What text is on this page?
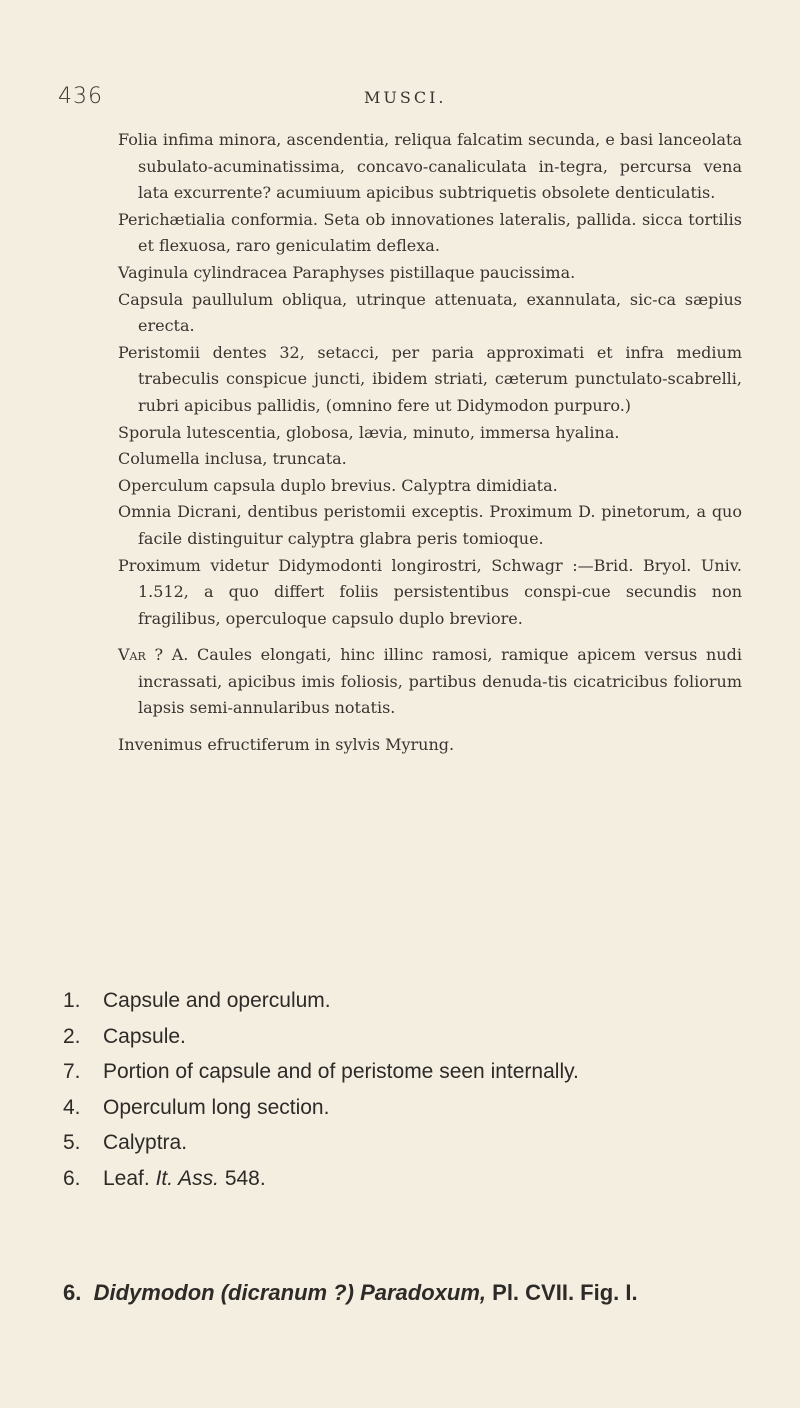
436	MUSCI.

Folia infima minora, ascendentia, reliqua falcatim secunda, e basi lanceolata subulato-acuminatissima, concavo-canaliculata in-tegra, percursa vena lata excurrente? acumiuum apicibus subtriquetis obsolete denticulatis.

Perichætialia conformia. Seta ob innovationes lateralis, pallida. sicca tortilis et flexuosa, raro geniculatim deflexa.

Vaginula cylindracea Paraphyses pistillaque paucissima.

Capsula paullulum obliqua, utrinque attenuata, exannulata, sic-ca sæpius erecta.

Peristomii dentes 32, setacci, per paria approximati et infra medium trabeculis conspicue juncti, ibidem striati, cæterum punctulato-scabrelli, rubri apicibus pallidis, (omnino fere ut Didymodon purpuro.)

Sporula lutescentia, globosa, lævia, minuto, immersa hyalina.

Columella inclusa, truncata.

Operculum capsula duplo brevius. Calyptra dimidiata.

Omnia Dicrani, dentibus peristomii exceptis. Proximum D. pinetorum, a quo facile distinguitur calyptra glabra peris tomioque.

Proximum videtur Didymodonti longirostri, Schwagr :—Brid. Bryol. Univ. 1.512, a quo differt foliis persistentibus conspi-cue secundis non fragilibus, operculoque capsulo duplo breviore.

Var ? A. Caules elongati, hinc illinc ramosi, ramique apicem versus nudi incrassati, apicibus imis foliosis, partibus denuda-tis cicatricibus foliorum lapsis semi-annularibus notatis.

Invenimus efructiferum in sylvis Myrung.

1.	Capsule and operculum.
2.	Capsule.
7.	Portion of capsule and of peristome seen internally.
4.	Operculum long section.
5.	Calyptra.
6.	Leaf. It. Ass. 548.
6. Didymodon (dicranum ?) Paradoxum, Pl. CVII. Fig. I.
